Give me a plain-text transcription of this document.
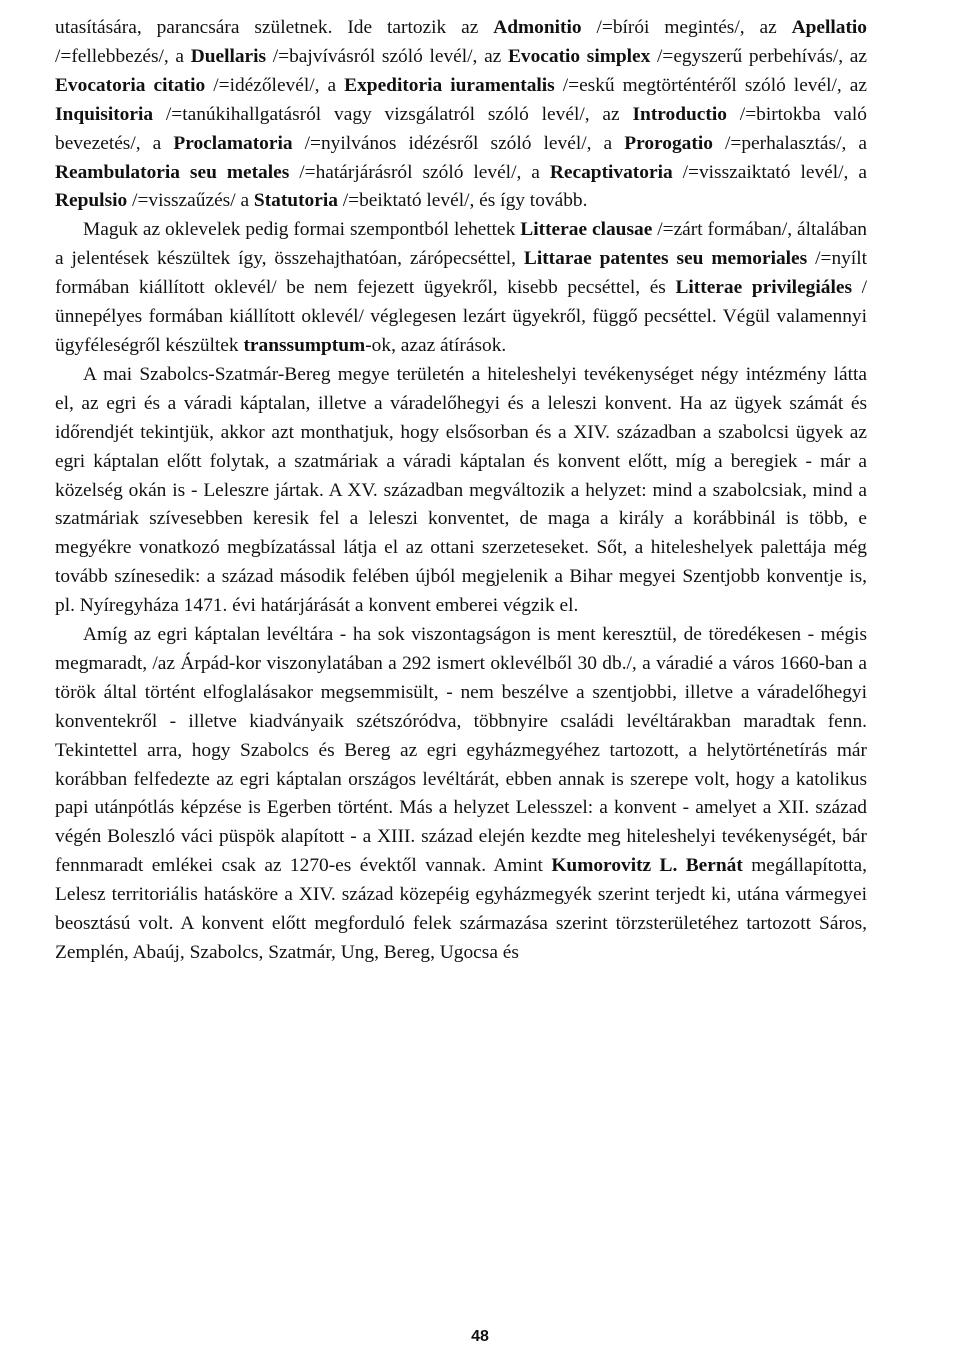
utasítására, parancsára születnek. Ide tartozik az Admonitio /=bírói megintés/, az Apellatio /=fellebbezés/, a Duellaris /=bajvívásról szóló levél/, az Evocatio simplex /=egyszerű perbehívás/, az Evocatoria citatio /=idézőlevél/, a Expeditoria iuramentalis /=eskű megtörténtéről szóló levél/, az Inquisitoria /=tanúkihallgatásról vagy vizsgálatról szóló levél/, az Introductio /=birtokba való bevezetés/, a Proclamatoria /=nyilvános idézésről szóló levél/, a Prorogatio /=perhalasztás/, a Reambulatoria seu metales /=határjárásról szóló levél/, a Recaptivatoria /=visszaiktató levél/, a Repulsio /=visszaűzés/ a Statutoria /=beiktató levél/, és így tovább.

Maguk az oklevelek pedig formai szempontból lehettek Litterae clausae /=zárt formában/, általában a jelentések készültek így, összehajthatóan, zárópecséttel, Littarae patentes seu memoriales /=nyílt formában kiállított oklevél/ be nem fejezett ügyekről, kisebb pecséttel, és Litterae privilegiáles /ünnepélyes formában kiállított oklevél/ véglegesen lezárt ügyekről, függő pecséttel. Végül valamennyi ügyféleségről készültek transsumptum-ok, azaz átírások.

A mai Szabolcs-Szatmár-Bereg megye területén a hiteleshelyi tevékenységet négy intézmény látta el, az egri és a váradi káptalan, illetve a váradelőhegyi és a leleszi konvent. Ha az ügyek számát és időrendjét tekintjük, akkor azt monthatjuk, hogy elsősorban és a XIV. században a szabolcsi ügyek az egri káptalan előtt folytak, a szatmáriak a váradi káptalan és konvent előtt, míg a beregiek - már a közelség okán is - Leleszre jártak. A XV. században megváltozik a helyzet: mind a szabolcsiak, mind a szatmáriak szívesebben keresik fel a leleszi konventet, de maga a király a korábbinál is több, e megyékre vonatkozó megbízatással látja el az ottani szerzeteseket. Sőt, a hiteleshelyek palettája még tovább színesedik: a század második felében újból megjelenik a Bihar megyei Szentjobb konventje is, pl. Nyíregyháza 1471. évi határjárását a konvent emberei végzik el.

Amíg az egri káptalan levéltára - ha sok viszontagságon is ment keresztül, de töredékesen - mégis megmaradt, /az Árpád-kor viszonylatában a 292 ismert oklevélből 30 db./, a váradié a város 1660-ban a török által történt elfoglalásakor megsemmisült, - nem beszélve a szentjobbi, illetve a váradelőhegyi konventekről - illetve kiadványaik szétszóródva, többnyire családi levéltárakban maradtak fenn. Tekintettel arra, hogy Szabolcs és Bereg az egri egyházmegyéhez tartozott, a helytörténetírás már korábban felfedezte az egri káptalan országos levéltárát, ebben annak is szerepe volt, hogy a katolikus papi utánpótlás képzése is Egerben történt. Más a helyzet Lelesszel: a konvent - amelyet a XII. század végén Boleszló váci püspök alapított - a XIII. század elején kezdte meg hiteleshelyi tevékenységét, bár fennmaradt emlékei csak az 1270-es évektől vannak. Amint Kumorovitz L. Bernát megállapította, Lelesz territoriális hatásköre a XIV. század közepéig egyházmegyék szerint terjedt ki, utána vármegyei beosztású volt. A konvent előtt megforduló felek származása szerint törzsterületéhez tartozott Sáros, Zemplén, Abaúj, Szabolcs, Szatmár, Ung, Bereg, Ugocsa és

48
